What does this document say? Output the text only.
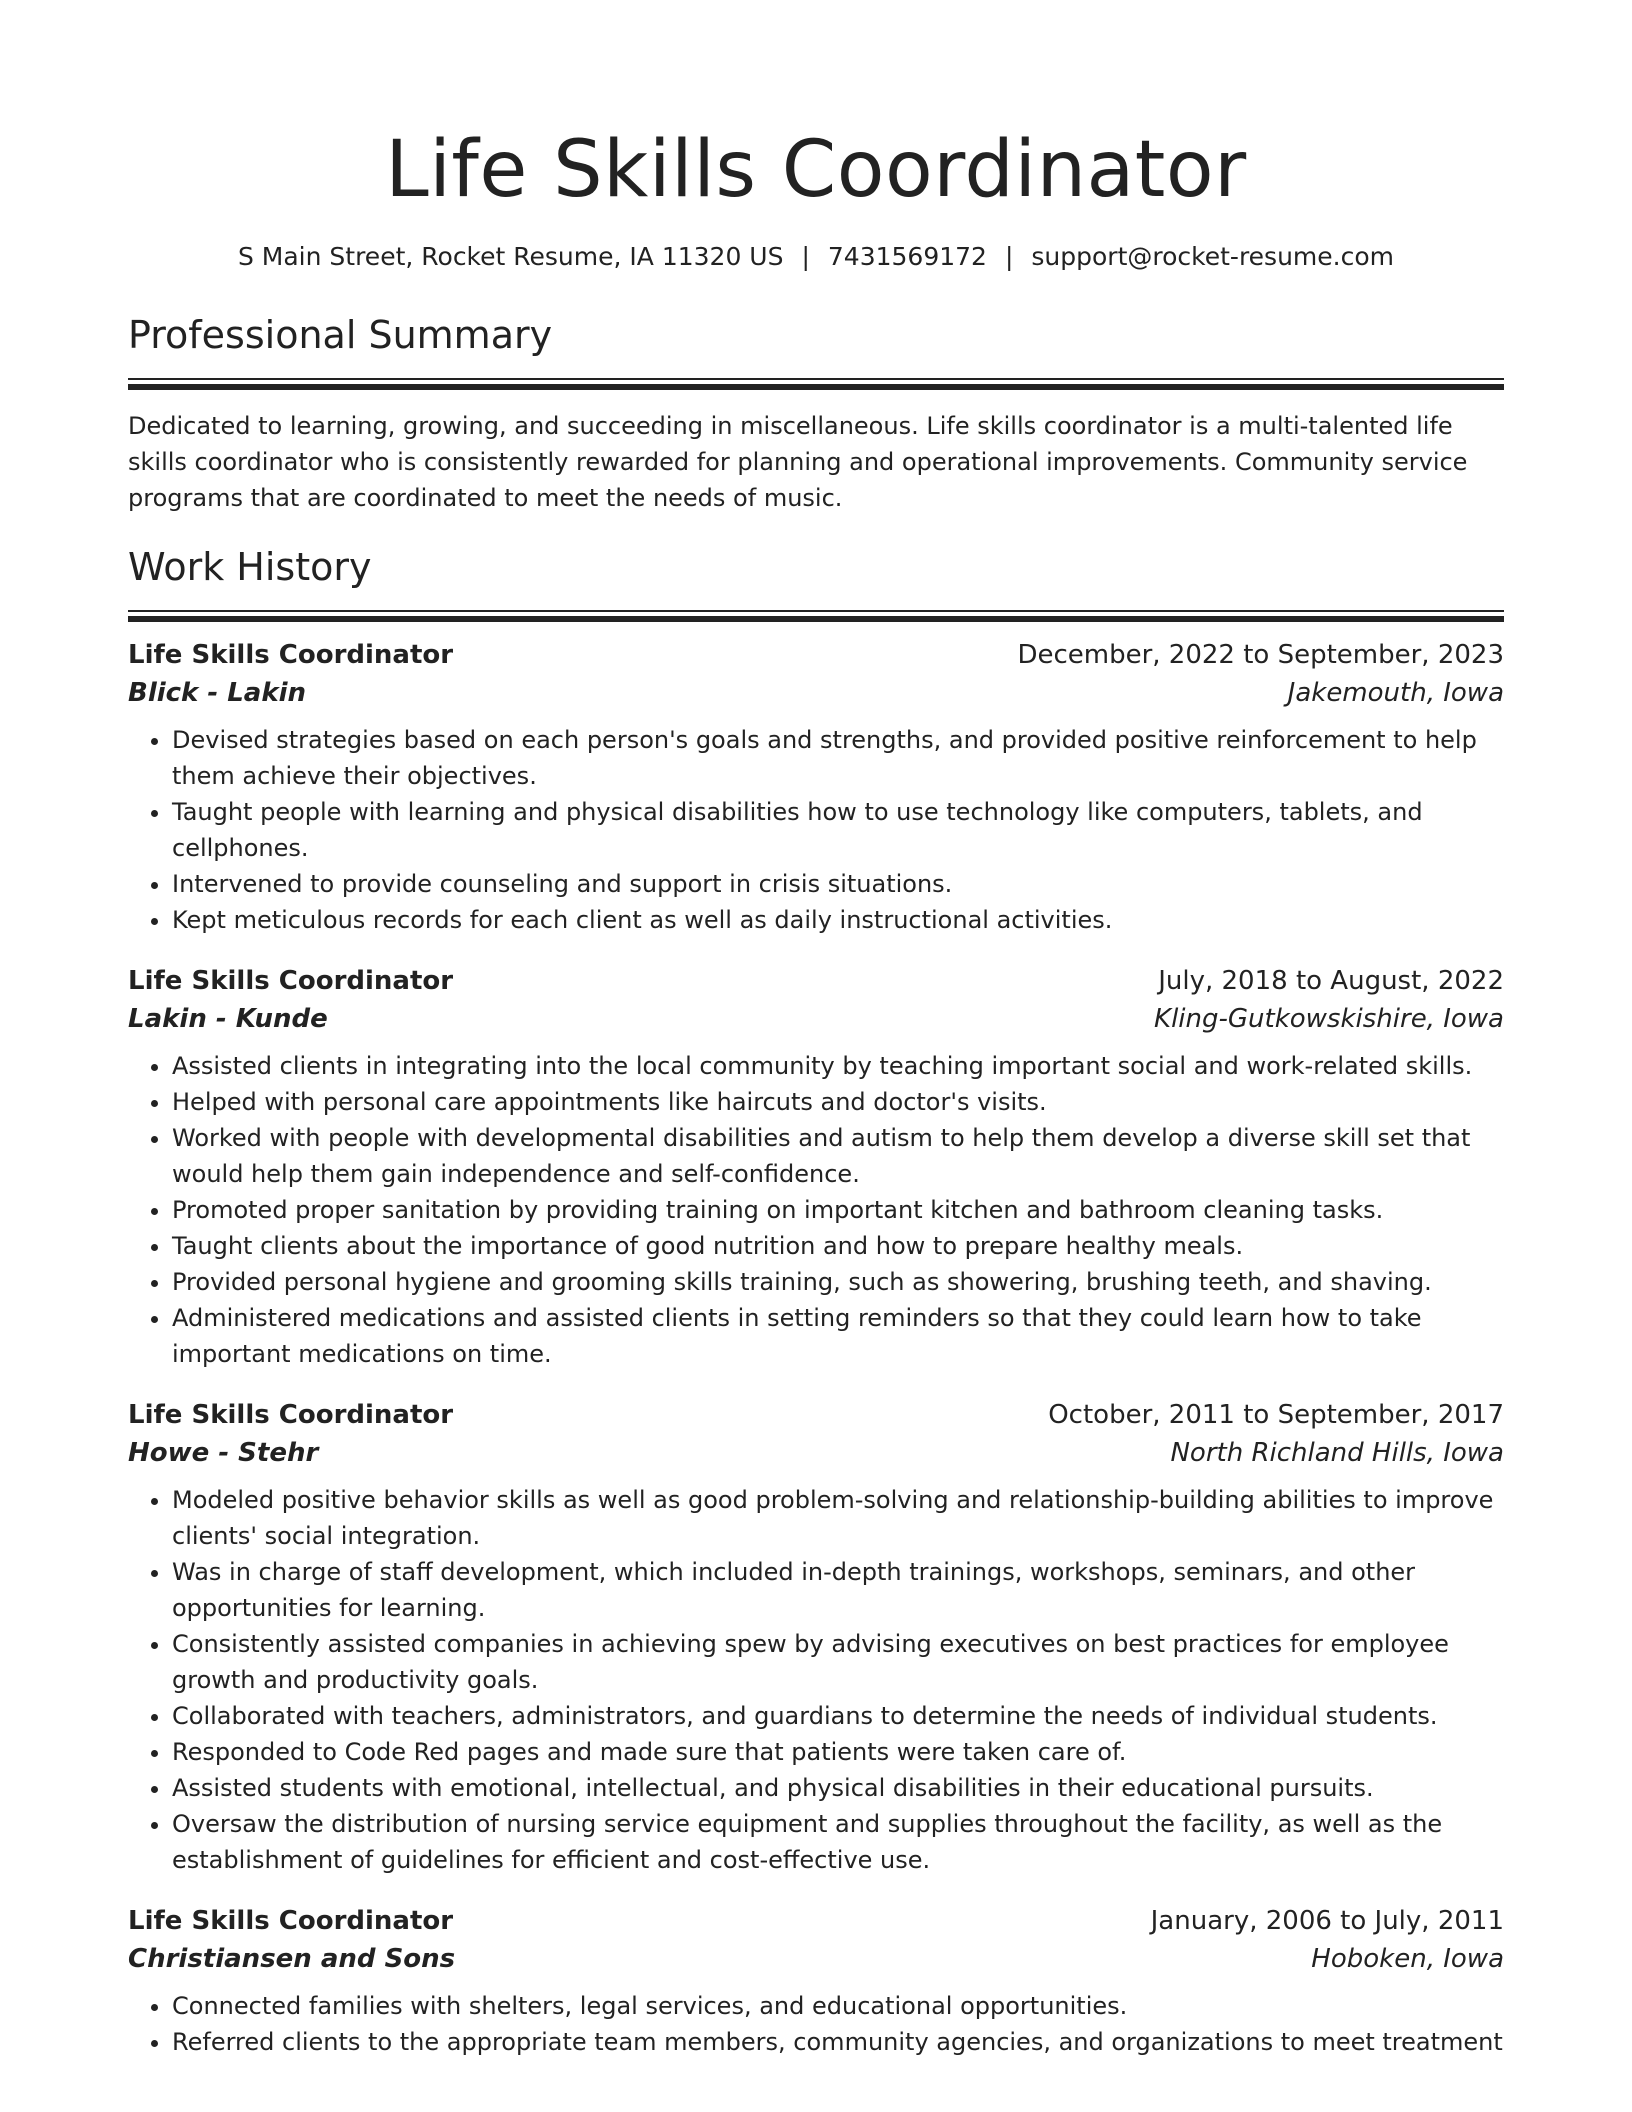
Life Skills Coordinator
S Main Street, Rocket Resume, IA 11320 US | 7431569172 | support@rocket-resume.com
Professional Summary

Dedicated to learning, growing, and succeeding in miscellaneous. Life skills coordinator is a multi-talented life skills coordinator who is consistently rewarded for planning and operational improvements. Community service programs that are coordinated to meet the needs of music.

Work History
Life Skills Coordinator	December, 2022 to September, 2023
Blick - Lakin	Jakemouth, Iowa
• Devised strategies based on each person's goals and strengths, and provided positive reinforcement to help them achieve their objectives.
• Taught people with learning and physical disabilities how to use technology like computers, tablets, and cellphones.
• Intervened to provide counseling and support in crisis situations.
• Kept meticulous records for each client as well as daily instructional activities.
Life Skills Coordinator	July, 2018 to August, 2022
Lakin - Kunde	Kling-Gutkowskishire, Iowa
• Assisted clients in integrating into the local community by teaching important social and work-related skills.
• Helped with personal care appointments like haircuts and doctor's visits.
• Worked with people with developmental disabilities and autism to help them develop a diverse skill set that would help them gain independence and self-confidence.
• Promoted proper sanitation by providing training on important kitchen and bathroom cleaning tasks.
• Taught clients about the importance of good nutrition and how to prepare healthy meals.
• Provided personal hygiene and grooming skills training, such as showering, brushing teeth, and shaving.
• Administered medications and assisted clients in setting reminders so that they could learn how to take important medications on time.
Life Skills Coordinator	October, 2011 to September, 2017
Howe - Stehr	North Richland Hills, Iowa
• Modeled positive behavior skills as well as good problem-solving and relationship-building abilities to improve clients' social integration.
• Was in charge of staff development, which included in-depth trainings, workshops, seminars, and other opportunities for learning.
• Consistently assisted companies in achieving spew by advising executives on best practices for employee growth and productivity goals.
• Collaborated with teachers, administrators, and guardians to determine the needs of individual students.
• Responded to Code Red pages and made sure that patients were taken care of.
• Assisted students with emotional, intellectual, and physical disabilities in their educational pursuits.
• Oversaw the distribution of nursing service equipment and supplies throughout the facility, as well as the establishment of guidelines for efficient and cost-effective use.
Life Skills Coordinator	January, 2006 to July, 2011
Christiansen and Sons	Hoboken, Iowa
• Connected families with shelters, legal services, and educational opportunities.
• Referred clients to the appropriate team members, community agencies, and organizations to meet treatment
